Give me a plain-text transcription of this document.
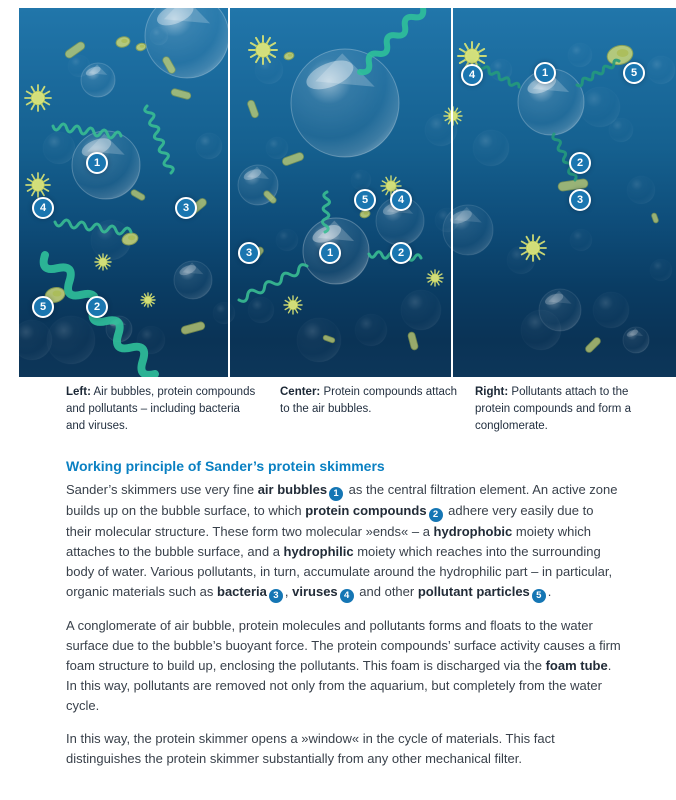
1
4	3
5	2
5	4
3	1	2
4	1	5
2
3
Left: Air bubbles, protein compounds and pollutants – including bacteria and viruses.
Center: Protein compounds attach to the air bubbles.
Right: Pollutants attach to the protein compounds and form a conglomerate.
Working principle of Sander’s protein skimmers

Sander’s skimmers use very fine air bubbles 1 as the central filtration element. An active zone builds up on the bubble surface, to which protein compounds 2 adhere very easily due to their molecular structure. These form two molecular »ends« – a hydrophobic moiety which attaches to the bubble surface, and a hydrophilic moiety which reaches into the surrounding body of water. Various pollutants, in turn, accumulate around the hydrophilic part – in particular, organic materials such as bacteria 3 , viruses 4 and other pollutant particles 5 .

A conglomerate of air bubble, protein molecules and pollutants forms and floats to the water surface due to the bubble’s buoyant force. The protein compounds’ surface activity causes a firm foam structure to build up, enclosing the pollutants. This foam is discharged via the foam tube. In this way, pollutants are removed not only from the aquarium, but completely from the water cycle.

In this way, the protein skimmer opens a »window« in the cycle of materials. This fact distinguishes the protein skimmer substantially from any other mechanical filter.
